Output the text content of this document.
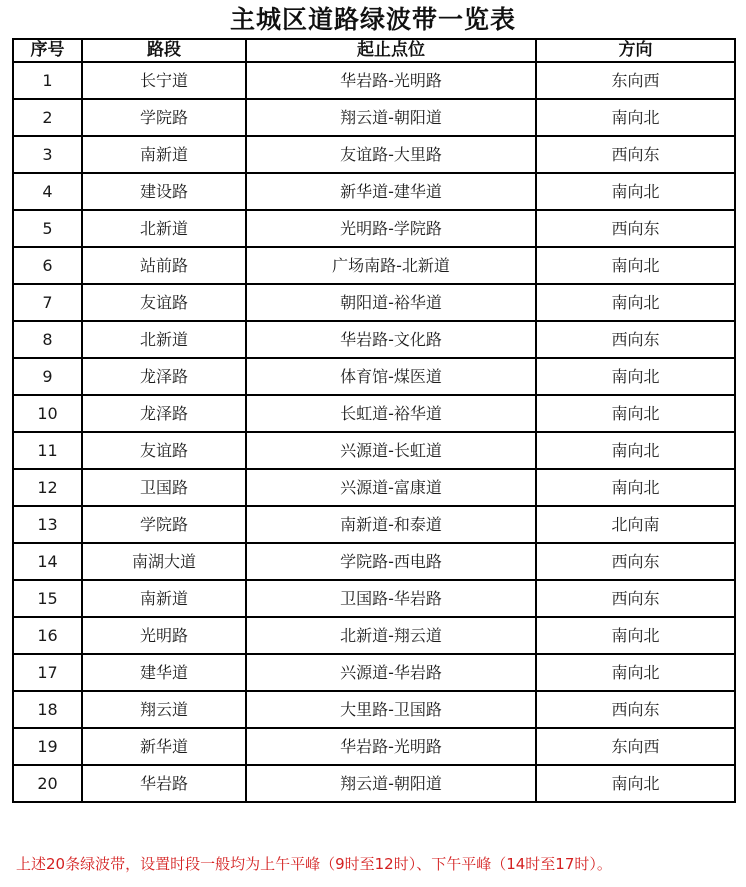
主城区道路绿波带一览表
序号	路段	起止点位	方向
1	长宁道	华岩路-光明路	东向西
2	学院路	翔云道-朝阳道	南向北
3	南新道	友谊路-大里路	西向东
4	建设路	新华道-建华道	南向北
5	北新道	光明路-学院路	西向东
6	站前路	广场南路-北新道	南向北
7	友谊路	朝阳道-裕华道	南向北
8	北新道	华岩路-文化路	西向东
9	龙泽路	体育馆-煤医道	南向北
10	龙泽路	长虹道-裕华道	南向北
11	友谊路	兴源道-长虹道	南向北
12	卫国路	兴源道-富康道	南向北
13	学院路	南新道-和泰道	北向南
14	南湖大道	学院路-西电路	西向东
15	南新道	卫国路-华岩路	西向东
16	光明路	北新道-翔云道	南向北
17	建华道	兴源道-华岩路	南向北
18	翔云道	大里路-卫国路	西向东
19	新华道	华岩路-光明路	东向西
20	华岩路	翔云道-朝阳道	南向北
上述20条绿波带，设置时段一般均为上午平峰（9时至12时）、下午平峰（14时至17时）。
